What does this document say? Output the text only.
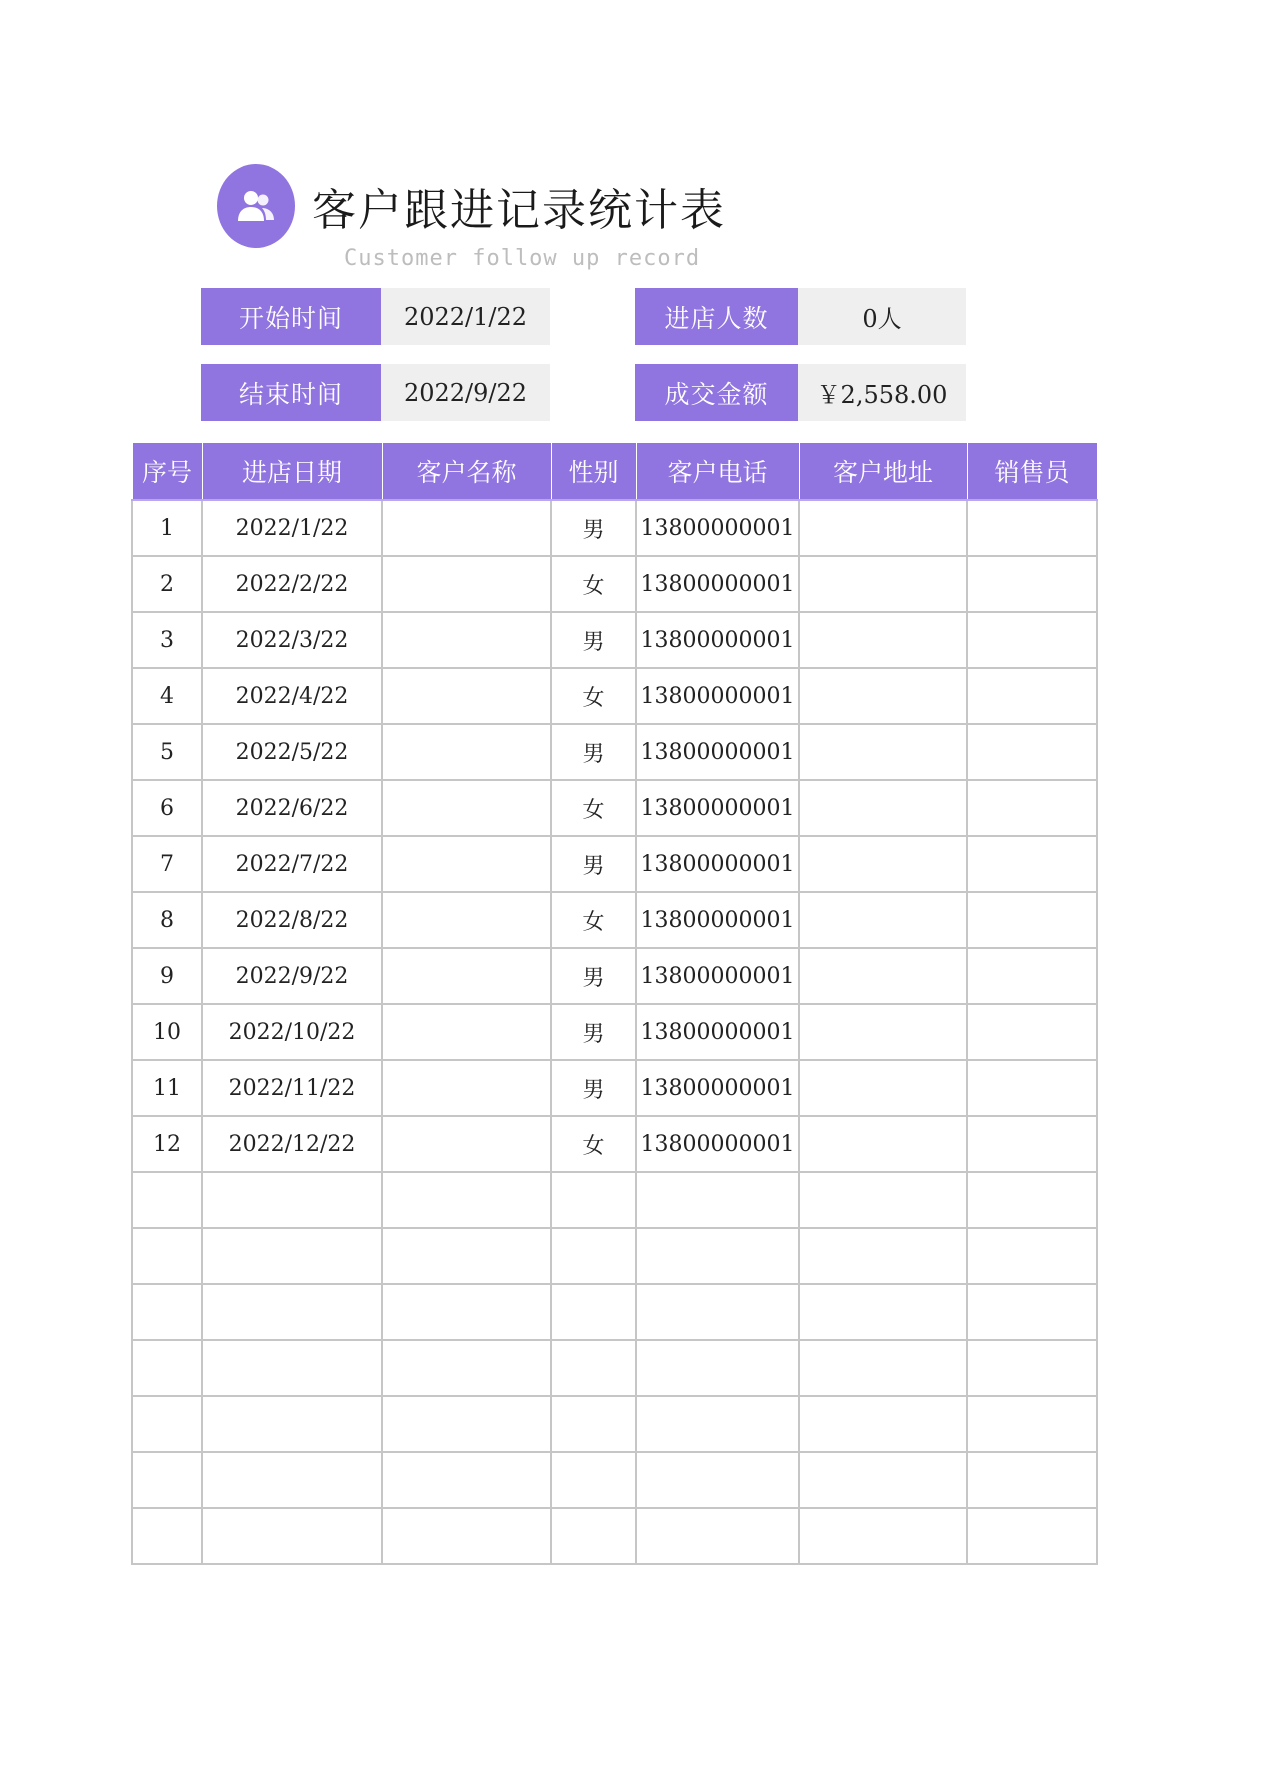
客户跟进记录统计表
Customer follow up record
开始时间	2022/1/22	进店人数	0人
结束时间	2022/9/22	成交金额	￥2,558.00
序号	进店日期	客户名称	性别	客户电话	客户地址	销售员
1	2022/1/22		男	13800000001		
2	2022/2/22		女	13800000001		
3	2022/3/22		男	13800000001		
4	2022/4/22		女	13800000001		
5	2022/5/22		男	13800000001		
6	2022/6/22		女	13800000001		
7	2022/7/22		男	13800000001		
8	2022/8/22		女	13800000001		
9	2022/9/22		男	13800000001		
10	2022/10/22		男	13800000001		
11	2022/11/22		男	13800000001		
12	2022/12/22		女	13800000001		
